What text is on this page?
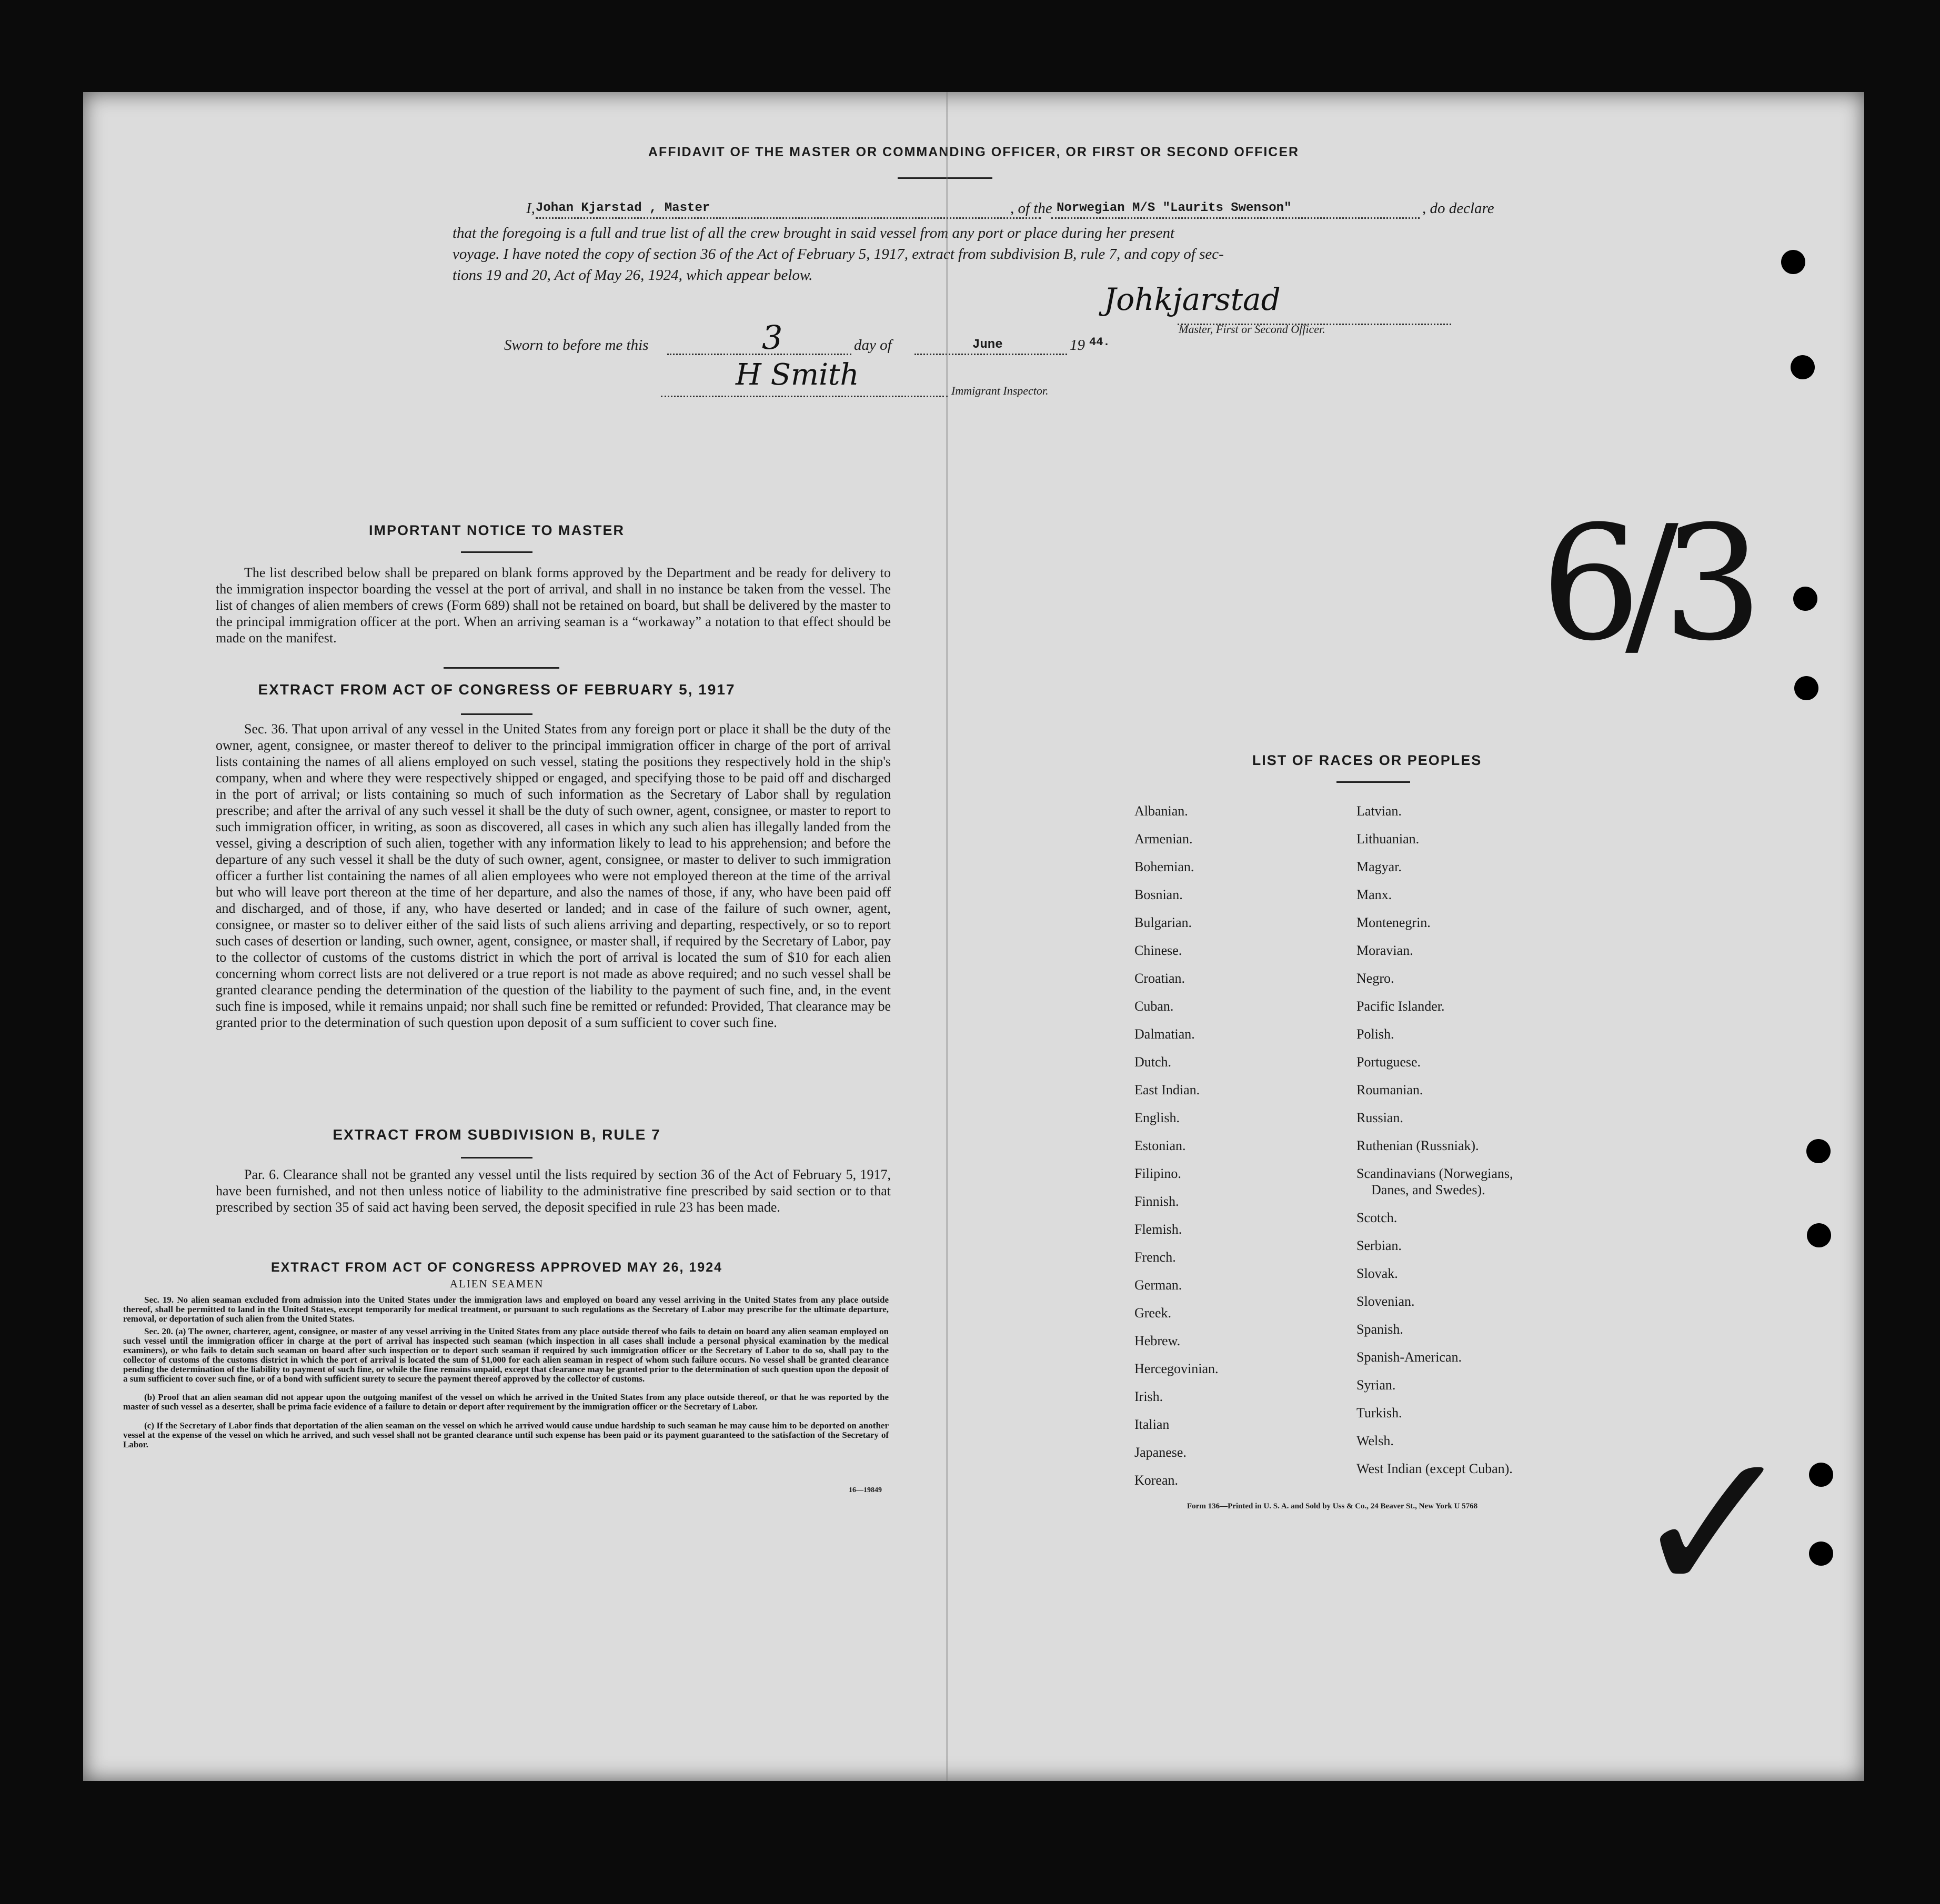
AFFIDAVIT OF THE MASTER OR COMMANDING OFFICER, OR FIRST OR SECOND OFFICER
I, Johan Kjarstad , Master	, of the Norwegian M/S "Laurits Swenson"	, do declare
that the foregoing is a full and true list of all the crew brought in said vessel from any port or place during her present
voyage. I have noted the copy of section 36 of the Act of February 5, 1917, extract from subdivision B, rule 7, and copy of sec-
tions 19 and 20, Act of May 26, 1924, which appear below.
Johkjarstad
Master, First or Second Officer.
Sworn to before me this	3	day of	June	19 44.
H Smith	Immigrant Inspector.
IMPORTANT NOTICE TO MASTER
The list described below shall be prepared on blank forms approved by the Department and be ready for delivery to the immigration inspector boarding the vessel at the port of arrival, and shall in no instance be taken from the vessel. The list of changes of alien members of crews (Form 689) shall not be retained on board, but shall be delivered by the master to the principal immigration officer at the port. When an arriving seaman is a “workaway” a notation to that effect should be made on the manifest.
EXTRACT FROM ACT OF CONGRESS OF FEBRUARY 5, 1917
Sec. 36. That upon arrival of any vessel in the United States from any foreign port or place it shall be the duty of the owner, agent, consignee, or master thereof to deliver to the principal immigration officer in charge of the port of arrival lists containing the names of all aliens employed on such vessel, stating the positions they respectively hold in the ship's company, when and where they were respectively shipped or engaged, and specifying those to be paid off and discharged in the port of arrival; or lists containing so much of such information as the Secretary of Labor shall by regulation prescribe; and after the arrival of any such vessel it shall be the duty of such owner, agent, consignee, or master to report to such immigration officer, in writing, as soon as discovered, all cases in which any such alien has illegally landed from the vessel, giving a description of such alien, together with any information likely to lead to his apprehension; and before the departure of any such vessel it shall be the duty of such owner, agent, consignee, or master to deliver to such immigration officer a further list containing the names of all alien employees who were not employed thereon at the time of the arrival but who will leave port thereon at the time of her departure, and also the names of those, if any, who have been paid off and discharged, and of those, if any, who have deserted or landed; and in case of the failure of such owner, agent, consignee, or master so to deliver either of the said lists of such aliens arriving and departing, respectively, or so to report such cases of desertion or landing, such owner, agent, consignee, or master shall, if required by the Secretary of Labor, pay to the collector of customs of the customs district in which the port of arrival is located the sum of $10 for each alien concerning whom correct lists are not delivered or a true report is not made as above required; and no such vessel shall be granted clearance pending the determination of the question of the liability to the payment of such fine, and, in the event such fine is imposed, while it remains unpaid; nor shall such fine be remitted or refunded: Provided, That clearance may be granted prior to the determination of such question upon deposit of a sum sufficient to cover such fine.
EXTRACT FROM SUBDIVISION B, RULE 7
Par. 6. Clearance shall not be granted any vessel until the lists required by section 36 of the Act of February 5, 1917, have been furnished, and not then unless notice of liability to the administrative fine prescribed by said section or to that prescribed by section 35 of said act having been served, the deposit specified in rule 23 has been made.
EXTRACT FROM ACT OF CONGRESS APPROVED MAY 26, 1924
ALIEN SEAMEN
Sec. 19. No alien seaman excluded from admission into the United States under the immigration laws and employed on board any vessel arriving in the United States from any place outside thereof, shall be permitted to land in the United States, except temporarily for medical treatment, or pursuant to such regulations as the Secretary of Labor may prescribe for the ultimate departure, removal, or deportation of such alien from the United States.
Sec. 20. (a) The owner, charterer, agent, consignee, or master of any vessel arriving in the United States from any place outside thereof who fails to detain on board any alien seaman employed on such vessel until the immigration officer in charge at the port of arrival has inspected such seaman (which inspection in all cases shall include a personal physical examination by the medical examiners), or who fails to detain such seaman on board after such inspection or to deport such seaman if required by such immigration officer or the Secretary of Labor to do so, shall pay to the collector of customs of the customs district in which the port of arrival is located the sum of $1,000 for each alien seaman in respect of whom such failure occurs. No vessel shall be granted clearance pending the determination of the liability to payment of such fine, or while the fine remains unpaid, except that clearance may be granted prior to the determination of such question upon the deposit of a sum sufficient to cover such fine, or of a bond with sufficient surety to secure the payment thereof approved by the collector of customs.
(b) Proof that an alien seaman did not appear upon the outgoing manifest of the vessel on which he arrived in the United States from any place outside thereof, or that he was reported by the master of such vessel as a deserter, shall be prima facie evidence of a failure to detain or deport after requirement by the immigration officer or the Secretary of Labor.
(c) If the Secretary of Labor finds that deportation of the alien seaman on the vessel on which he arrived would cause undue hardship to such seaman he may cause him to be deported on another vessel at the expense of the vessel on which he arrived, and such vessel shall not be granted clearance until such expense has been paid or its payment guaranteed to the satisfaction of the Secretary of Labor.
16—19849
LIST OF RACES OR PEOPLES
Albanian.
Armenian.
Bohemian.
Bosnian.
Bulgarian.
Chinese.
Croatian.
Cuban.
Dalmatian.
Dutch.
East Indian.
English.
Estonian.
Filipino.
Finnish.
Flemish.
French.
German.
Greek.
Hebrew.
Hercegovinian.
Irish.
Italian
Japanese.
Korean.
Latvian.
Lithuanian.
Magyar.
Manx.
Montenegrin.
Moravian.
Negro.
Pacific Islander.
Polish.
Portuguese.
Roumanian.
Russian.
Ruthenian (Russniak).
Scandinavians (Norwegians,
Danes, and Swedes).
Scotch.
Serbian.
Slovak.
Slovenian.
Spanish.
Spanish-American.
Syrian.
Turkish.
Welsh.
West Indian (except Cuban).
Form 136—Printed in U. S. A. and Sold by Uss & Co., 24 Beaver St., New York U 5768
6/3
✓
